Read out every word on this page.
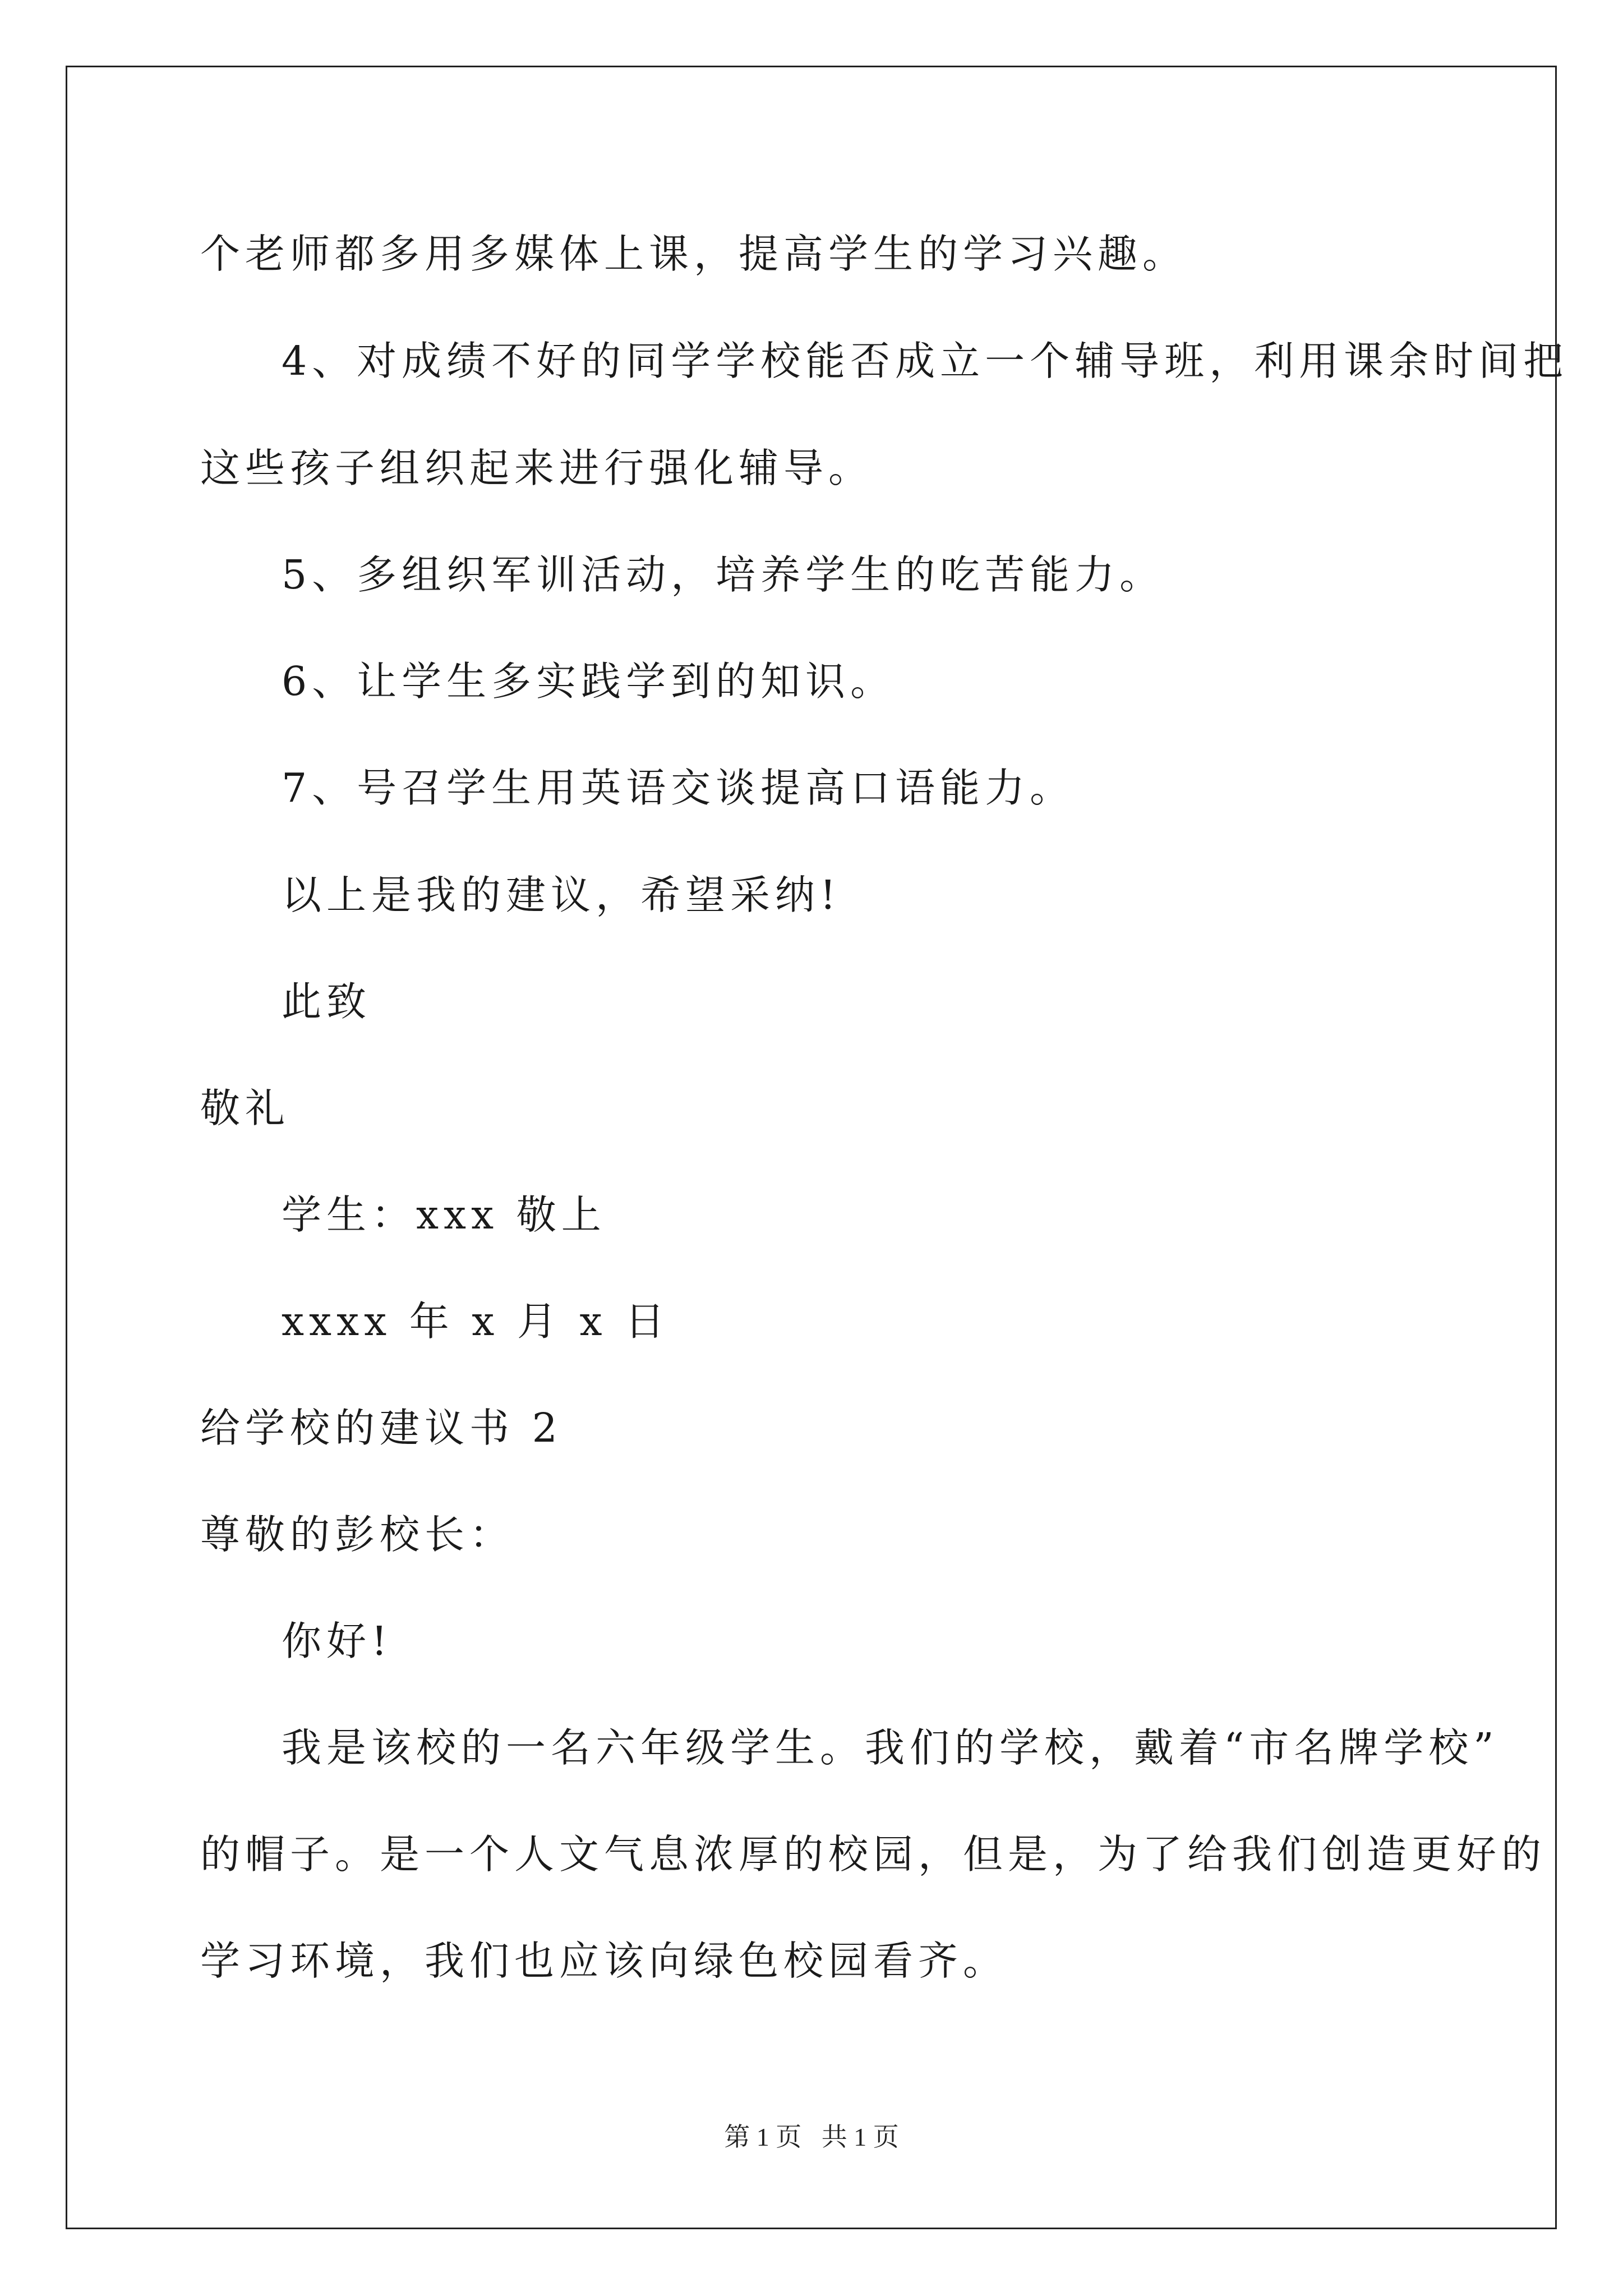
个老师都多用多媒体上课，提高学生的学习兴趣。
4、对成绩不好的同学学校能否成立一个辅导班，利用课余时间把
这些孩子组织起来进行强化辅导。
5、多组织军训活动，培养学生的吃苦能力。
6、让学生多实践学到的知识。
7、号召学生用英语交谈提高口语能力。
以上是我的建议，希望采纳!
此致
敬礼
学生：xxx 敬上
xxxx 年 x 月 x 日
给学校的建议书 2
尊敬的彭校长：
你好!
我是该校的一名六年级学生。我们的学校，戴着“市名牌学校”
的帽子。是一个人文气息浓厚的校园，但是，为了给我们创造更好的
学习环境，我们也应该向绿色校园看齐。
第 1 页 共 1 页
